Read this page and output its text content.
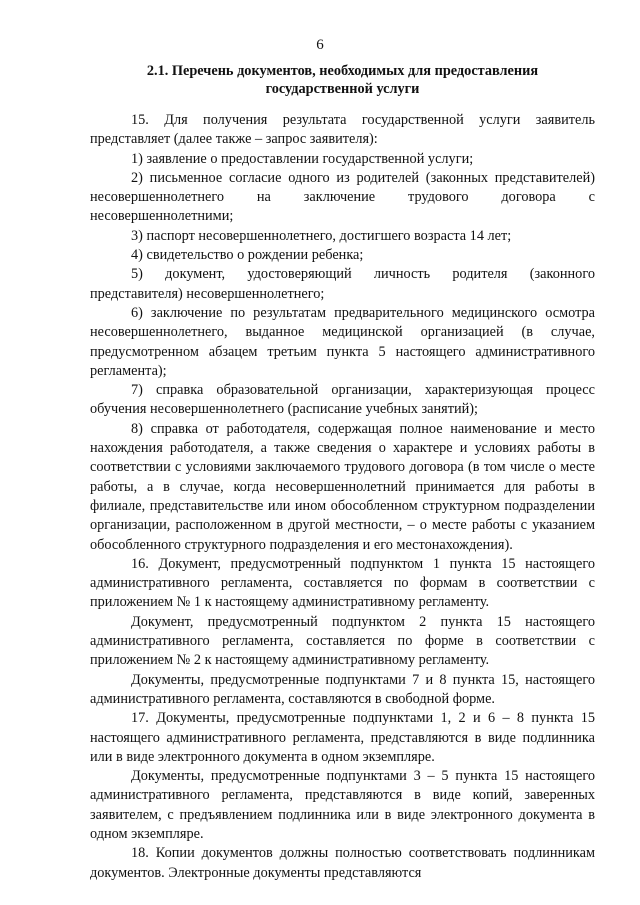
6
2.1. Перечень документов, необходимых для предоставления
государственной услуги

15. Для получения результата государственной услуги заявитель представляет (далее также – запрос заявителя):

1) заявление о предоставлении государственной услуги;

2) письменное согласие одного из родителей (законных представителей) несовершеннолетнего на заключение трудового договора с несовершеннолетними;

3) паспорт несовершеннолетнего, достигшего возраста 14 лет;

4) свидетельство о рождении ребенка;

5) документ, удостоверяющий личность родителя (законного представителя) несовершеннолетнего;

6) заключение по результатам предварительного медицинского осмотра несовершеннолетнего, выданное медицинской организацией (в случае, предусмотренном абзацем третьим пункта 5 настоящего административного регламента);

7) справка образовательной организации, характеризующая процесс обучения несовершеннолетнего (расписание учебных занятий);

8) справка от работодателя, содержащая полное наименование и место нахождения работодателя, а также сведения о характере и условиях работы в соответствии с условиями заключаемого трудового договора (в том числе о месте работы, а в случае, когда несовершеннолетний принимается для работы в филиале, представительстве или ином обособленном структурном подразделении организации, расположенном в другой местности, – о месте работы с указанием обособленного структурного подразделения и его местонахождения).

16. Документ, предусмотренный подпунктом 1 пункта 15 настоящего административного регламента, составляется по формам в соответствии с приложением № 1 к настоящему административному регламенту.

Документ, предусмотренный подпунктом 2 пункта 15 настоящего административного регламента, составляется по форме в соответствии с приложением № 2 к настоящему административному регламенту.

Документы, предусмотренные подпунктами 7 и 8 пункта 15, настоящего административного регламента, составляются в свободной форме.

17. Документы, предусмотренные подпунктами 1, 2 и 6 – 8 пункта 15 настоящего административного регламента, представляются в виде подлинника или в виде электронного документа в одном экземпляре.

Документы, предусмотренные подпунктами 3 – 5 пункта 15 настоящего административного регламента, представляются в виде копий, заверенных заявителем, с предъявлением подлинника или в виде электронного документа в одном экземпляре.

18. Копии документов должны полностью соответствовать подлинникам документов. Электронные документы представляются
